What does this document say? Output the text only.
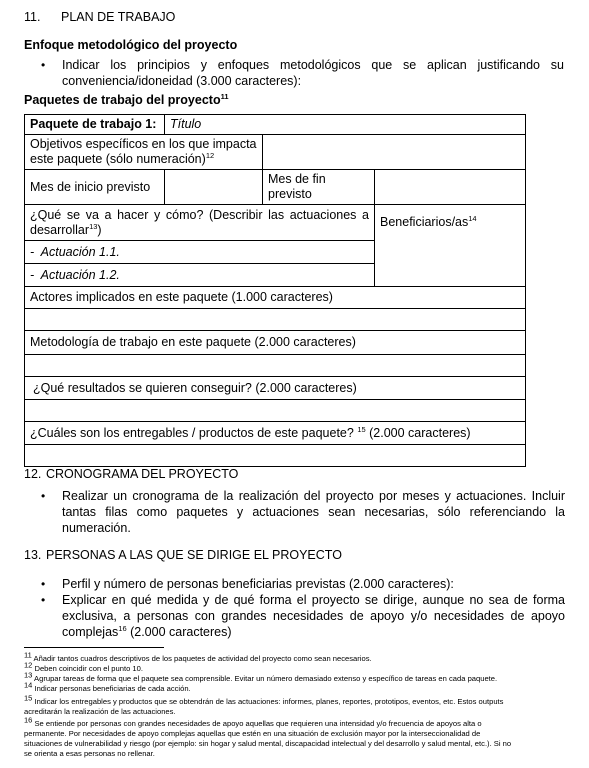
11. PLAN DE TRABAJO
Enfoque metodológico del proyecto
• Indicar los principios y enfoques metodológicos que se aplican justificando su
conveniencia/idoneidad (3.000 caracteres):
Paquetes de trabajo del proyecto$^{11}$
Paquete de trabajo 1:	Título		

Objetivos específicos en los que impacta
este paquete (sólo numeración)$^{12}$

Mes de inicio previsto		Mes de fin previsto	

¿Qué se va a hacer y cómo? (Describir las actuaciones a
desarrollar$^{13}$)			Beneficiarios/$as^{14}$
- Actuación 1.1.			
- Actuación 1.2.			
Actores implicados en este paquete (1.000 caracteres)			

Metodología de trabajo en este paquete (2.000 caracteres)			

¿Qué resultados se quieren conseguir? (2.000 caracteres)			

¿Cuáles son los entregables / productos de este paquete? $^{15}$ (2.000 caracteres)			

12. CRONOGRAMA DEL PROYECTO
• Realizar un cronograma de la realización del proyecto por meses y actuaciones. Incluir
tantas filas como paquetes y actuaciones sean necesarias, sólo referenciando la
numeración.
13. PERSONAS A LAS QUE SE DIRIGE EL PROYECTO
• Perfil y número de personas beneficiarias previstas (2.000 caracteres):
• Explicar en qué medida y de qué forma el proyecto se dirige, aunque no sea de forma
exclusiva, a personas con grandes necesidades de apoyo y/o necesidades de apoyo
complejas$^{16}$ (2.000 caracteres)
$^{11}$ Añadir tantos cuadros descriptivos de los paquetes de actividad del proyecto como sean necesarios.
$^{12}$ Deben coincidir con el punto 10.
$^{13}$ Agrupar tareas de forma que el paquete sea comprensible. Evitar un número demasiado extenso y específico de tareas en cada paquete.
$^{14}$ Indicar personas beneficiarias de cada acción.
$^{15}$ Indicar los entregables y productos que se obtendrán de las actuaciones: informes, planes, reportes, prototipos, eventos, etc. Estos outputs
acreditarán la realización de las actuaciones.
$^{16}$ Se entiende por personas con grandes necesidades de apoyo aquellas que requieren una intensidad y/o frecuencia de apoyos alta o
permanente. Por necesidades de apoyo complejas aquellas que estén en una situación de exclusión mayor por la interseccionalidad de
situaciones de vulnerabilidad y riesgo (por ejemplo: sin hogar y salud mental, discapacidad intelectual y del desarrollo y salud mental, etc.). Si no
se orienta a esas personas no rellenar.
